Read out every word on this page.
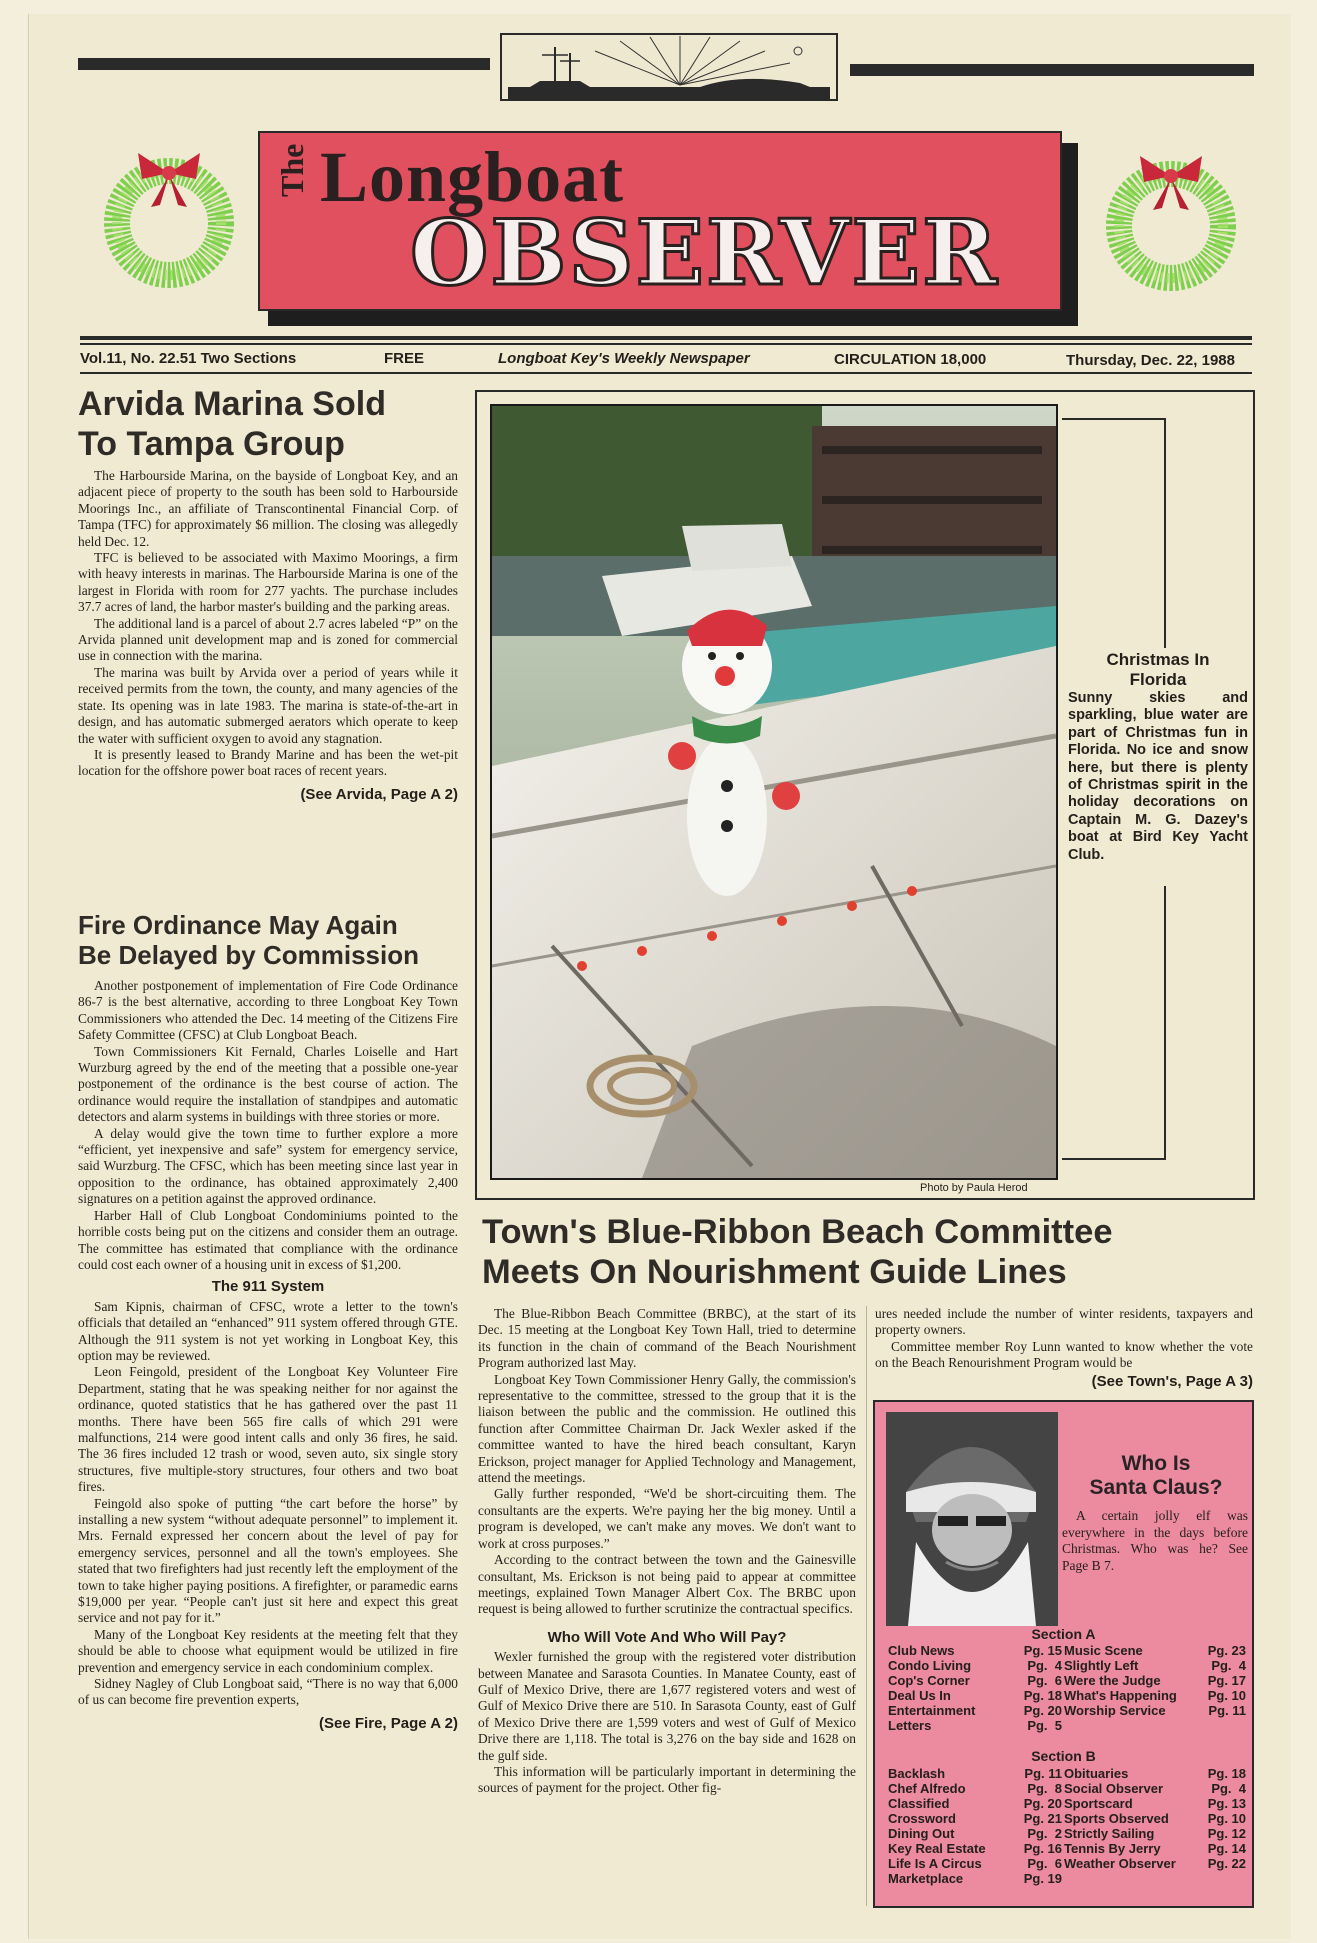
The Longboat
OBSERVER
Vol.11, No. 22.51 Two Sections	FREE	Longboat Key's Weekly Newspaper	CIRCULATION 18,000	Thursday, Dec. 22, 1988
Arvida Marina Sold
To Tampa Group

The Harbourside Marina, on the bayside of Longboat Key, and an adjacent piece of property to the south has been sold to Harbourside Moorings Inc., an affiliate of Transcontinental Financial Corp. of Tampa (TFC) for approximately $6 million. The closing was allegedly held Dec. 12.

TFC is believed to be associated with Maximo Moorings, a firm with heavy interests in marinas. The Harbourside Marina is one of the largest in Florida with room for 277 yachts. The purchase includes 37.7 acres of land, the harbor master's building and the parking areas.

The additional land is a parcel of about 2.7 acres labeled “P” on the Arvida planned unit development map and is zoned for commercial use in connection with the marina.

The marina was built by Arvida over a period of years while it received permits from the town, the county, and many agencies of the state. Its opening was in late 1983. The marina is state-of-the-art in design, and has automatic submerged aerators which operate to keep the water with sufficient oxygen to avoid any stagnation.

It is presently leased to Brandy Marine and has been the wet-pit location for the offshore power boat races of recent years.

(See Arvida, Page A 2)
Fire Ordinance May Again
Be Delayed by Commission

Another postponement of implementation of Fire Code Ordinance 86-7 is the best alternative, according to three Longboat Key Town Commissioners who attended the Dec. 14 meeting of the Citizens Fire Safety Committee (CFSC) at Club Longboat Beach.

Town Commissioners Kit Fernald, Charles Loiselle and Hart Wurzburg agreed by the end of the meeting that a possible one-year postponement of the ordinance is the best course of action. The ordinance would require the installation of standpipes and automatic detectors and alarm systems in buildings with three stories or more.

A delay would give the town time to further explore a more “efficient, yet inexpensive and safe” system for emergency service, said Wurzburg. The CFSC, which has been meeting since last year in opposition to the ordinance, has obtained approximately 2,400 signatures on a petition against the approved ordinance.

Harber Hall of Club Longboat Condominiums pointed to the horrible costs being put on the citizens and consider them an outrage. The committee has estimated that compliance with the ordinance could cost each owner of a housing unit in excess of $1,200.

The 911 System

Sam Kipnis, chairman of CFSC, wrote a letter to the town's officials that detailed an “enhanced” 911 system offered through GTE. Although the 911 system is not yet working in Longboat Key, this option may be reviewed.

Leon Feingold, president of the Longboat Key Volunteer Fire Department, stating that he was speaking neither for nor against the ordinance, quoted statistics that he has gathered over the past 11 months. There have been 565 fire calls of which 291 were malfunctions, 214 were good intent calls and only 36 fires, he said. The 36 fires included 12 trash or wood, seven auto, six single story structures, five multiple-story structures, four others and two boat fires.

Feingold also spoke of putting “the cart before the horse” by installing a new system “without adequate personnel” to implement it. Mrs. Fernald expressed her concern about the level of pay for emergency services, personnel and all the town's employees. She stated that two firefighters had just recently left the employment of the town to take higher paying positions. A firefighter, or paramedic earns $19,000 per year. “People can't just sit here and expect this great service and not pay for it.”

Many of the Longboat Key residents at the meeting felt that they should be able to choose what equipment would be utilized in fire prevention and emergency service in each condominium complex.

Sidney Nagley of Club Longboat said, “There is no way that 6,000 of us can become fire prevention experts,

(See Fire, Page A 2)
Photo by Paula Herod
Christmas In Florida
Sunny skies and sparkling, blue water are part of Christmas fun in Florida. No ice and snow here, but there is plenty of Christmas spirit in the holiday decorations on Captain M. G. Dazey's boat at Bird Key Yacht Club.
Town's Blue-Ribbon Beach Committee
Meets On Nourishment Guide Lines

The Blue-Ribbon Beach Committee (BRBC), at the start of its Dec. 15 meeting at the Longboat Key Town Hall, tried to determine its function in the chain of command of the Beach Nourishment Program authorized last May.

Longboat Key Town Commissioner Henry Gally, the commission's representative to the committee, stressed to the group that it is the liaison between the public and the commission. He outlined this function after Committee Chairman Dr. Jack Wexler asked if the committee wanted to have the hired beach consultant, Karyn Erickson, project manager for Applied Technology and Management, attend the meetings.

Gally further responded, “We'd be short-circuiting them. The consultants are the experts. We're paying her the big money. Until a program is developed, we can't make any moves. We don't want to work at cross purposes.”

According to the contract between the town and the Gainesville consultant, Ms. Erickson is not being paid to appear at committee meetings, explained Town Manager Albert Cox. The BRBC upon request is being allowed to further scrutinize the contractual specifics.

Who Will Vote And Who Will Pay?

Wexler furnished the group with the registered voter distribution between Manatee and Sarasota Counties. In Manatee County, east of Gulf of Mexico Drive, there are 1,677 registered voters and west of Gulf of Mexico Drive there are 510. In Sarasota County, east of Gulf of Mexico Drive there are 1,599 voters and west of Gulf of Mexico Drive there are 1,118. The total is 3,276 on the bay side and 1628 on the gulf side.

This information will be particularly important in determining the sources of payment for the project. Other fig-

ures needed include the number of winter residents, taxpayers and property owners.

Committee member Roy Lunn wanted to know whether the vote on the Beach Renourishment Program would be

(See Town's, Page A 3)
Who Is
Santa Claus?
A certain jolly elf was everywhere in the days before Christmas. Who was he? See Page B 7.
Section A
Club News	Pg. 15
Condo Living	Pg.  4
Cop's Corner	Pg.  6
Deal Us In	Pg. 18
Entertainment	Pg. 20
Letters	Pg.  5
Music Scene	Pg. 23
Slightly Left	Pg.  4
Were the Judge	Pg. 17
What's Happening	Pg. 10
Worship Service	Pg. 11
Section B
Backlash	Pg. 11
Chef Alfredo	Pg.  8
Classified	Pg. 20
Crossword	Pg. 21
Dining Out	Pg.  2
Key Real Estate	Pg. 16
Life Is A Circus	Pg.  6
Marketplace	Pg. 19
Obituaries	Pg. 18
Social Observer	Pg.  4
Sportscard	Pg. 13
Sports Observed	Pg. 10
Strictly Sailing	Pg. 12
Tennis By Jerry	Pg. 14
Weather Observer	Pg. 22
